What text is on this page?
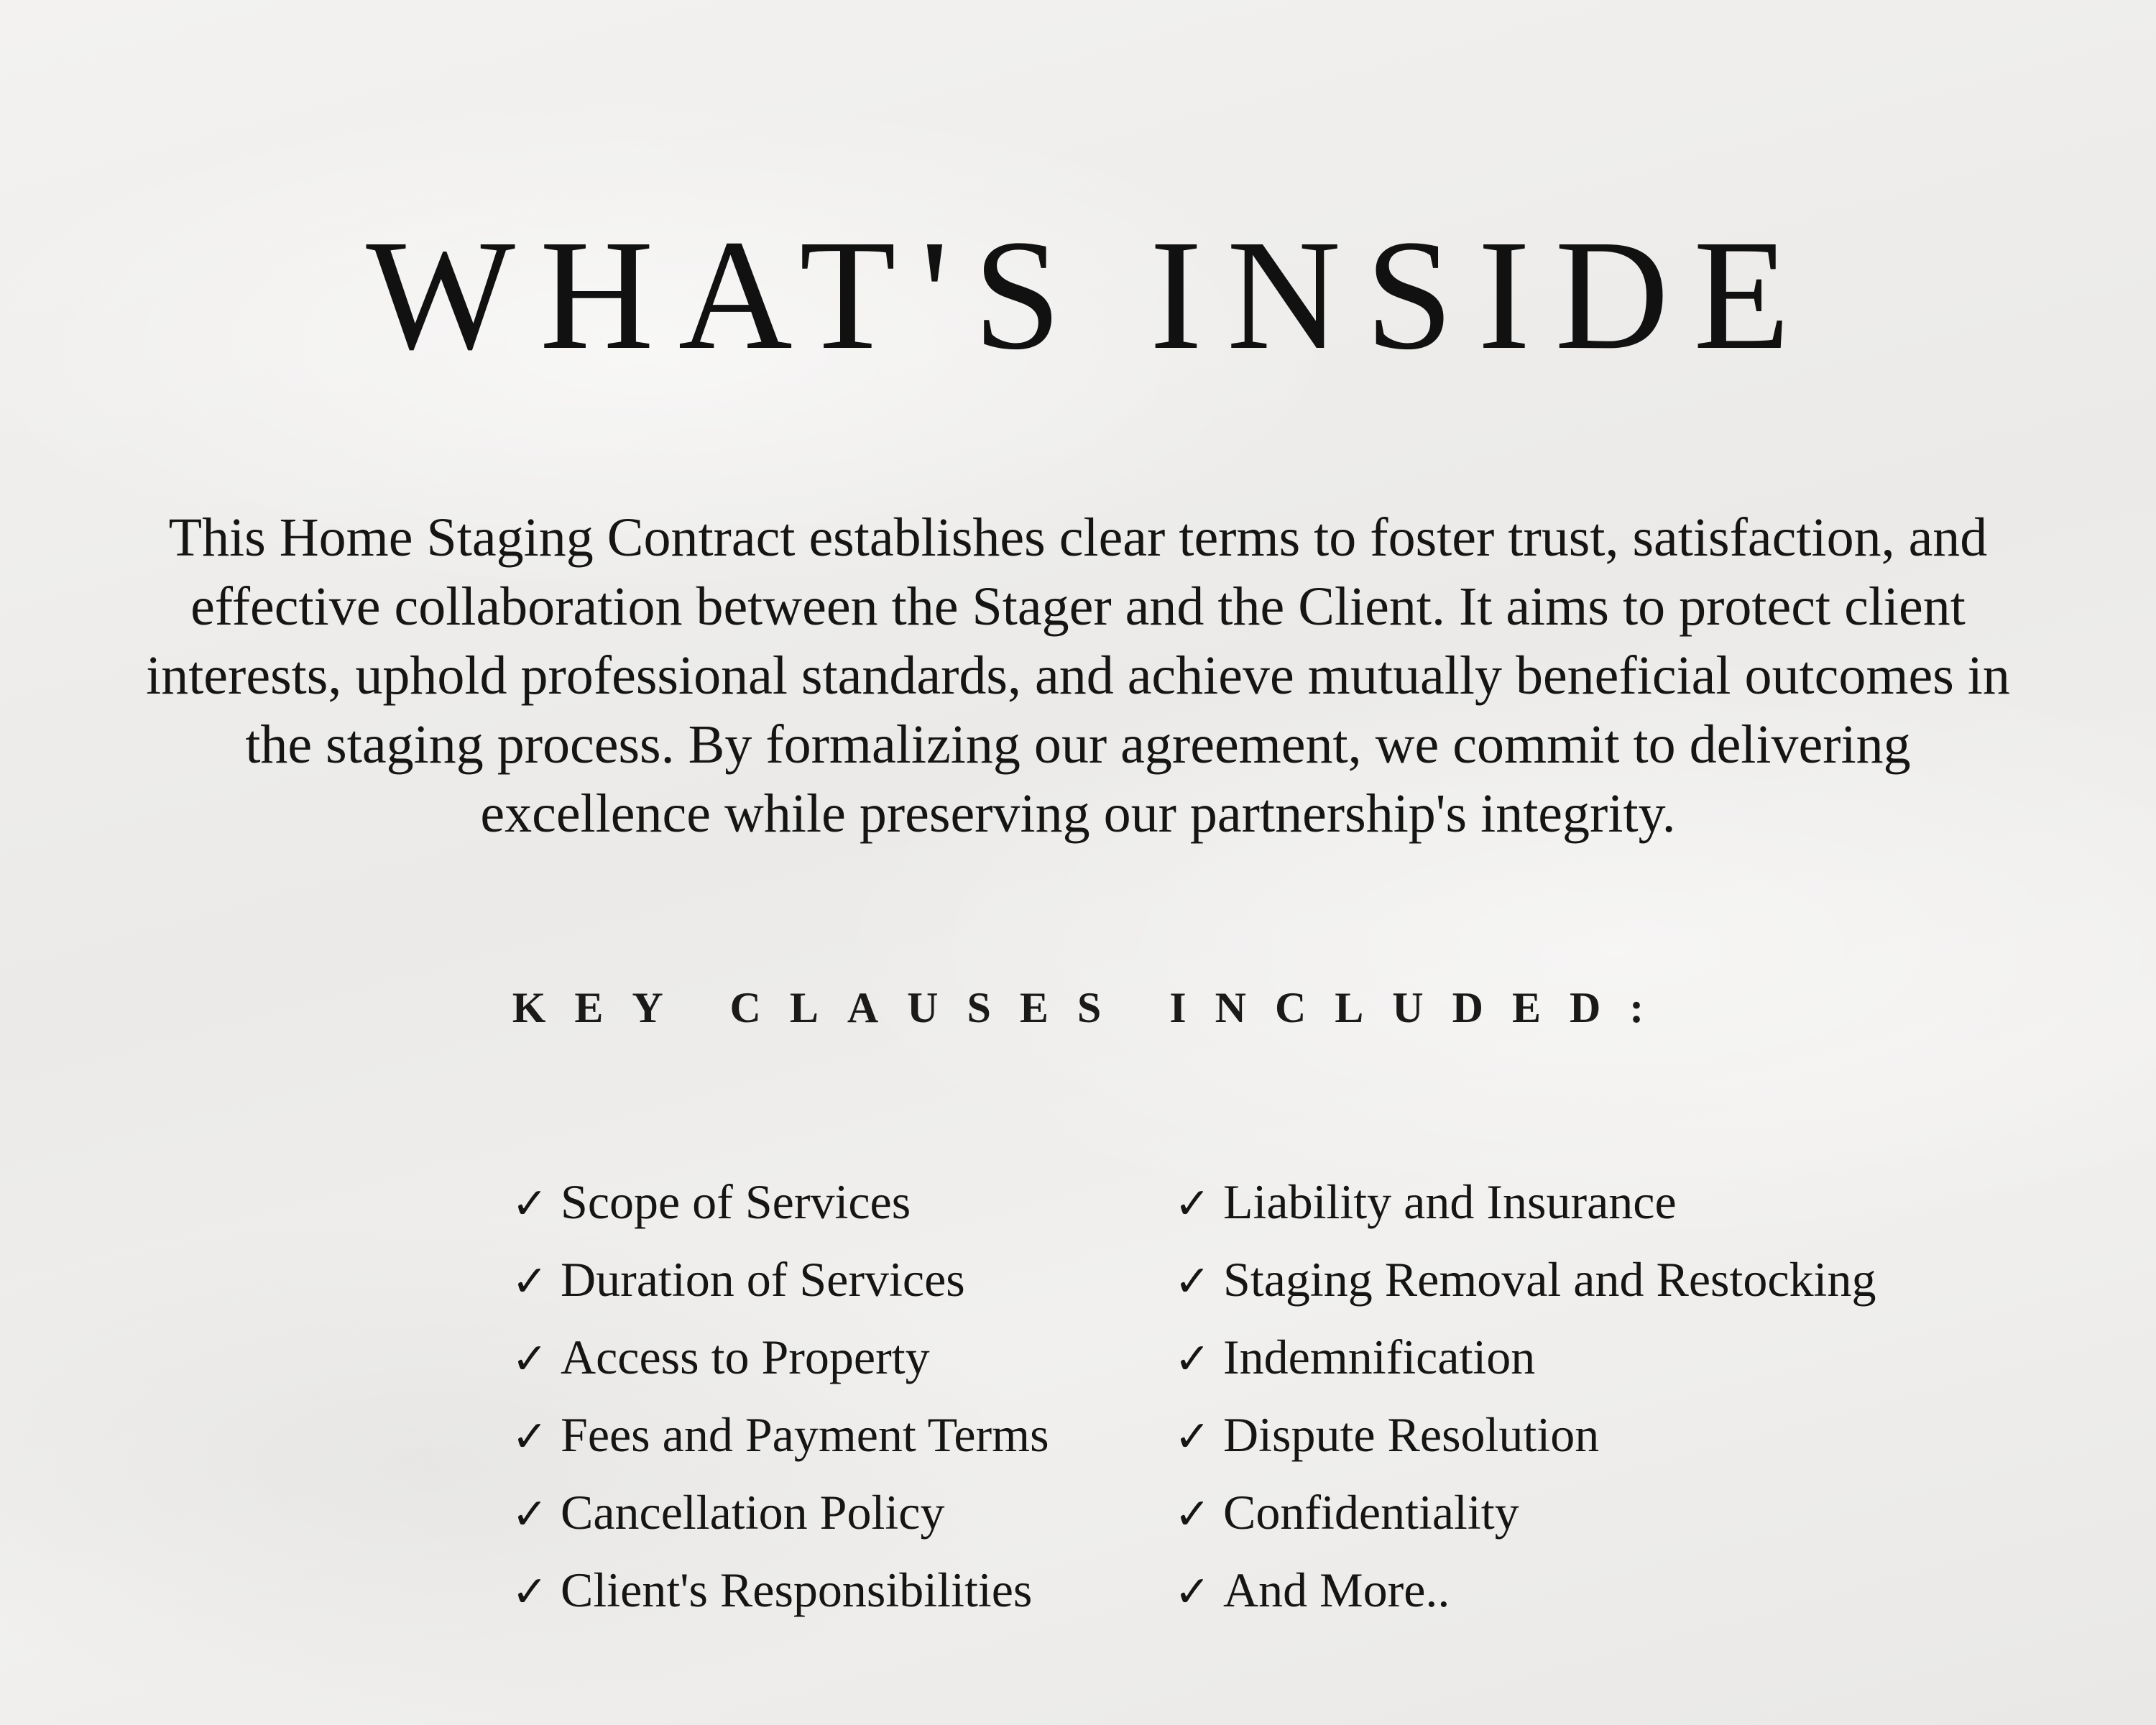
WHAT'S INSIDE

This Home Staging Contract establishes clear terms to foster trust, satisfaction, and effective collaboration between the Stager and the Client. It aims to protect client interests, uphold professional standards, and achieve mutually beneficial outcomes in the staging process. By formalizing our agreement, we commit to delivering excellence while preserving our partnership's integrity.

KEY CLAUSES INCLUDED:
✓ Scope of Services
✓ Duration of Services
✓ Access to Property
✓ Fees and Payment Terms
✓ Cancellation Policy
✓ Client's Responsibilities
✓ Liability and Insurance
✓ Staging Removal and Restocking
✓ Indemnification
✓ Dispute Resolution
✓ Confidentiality
✓ And More..
